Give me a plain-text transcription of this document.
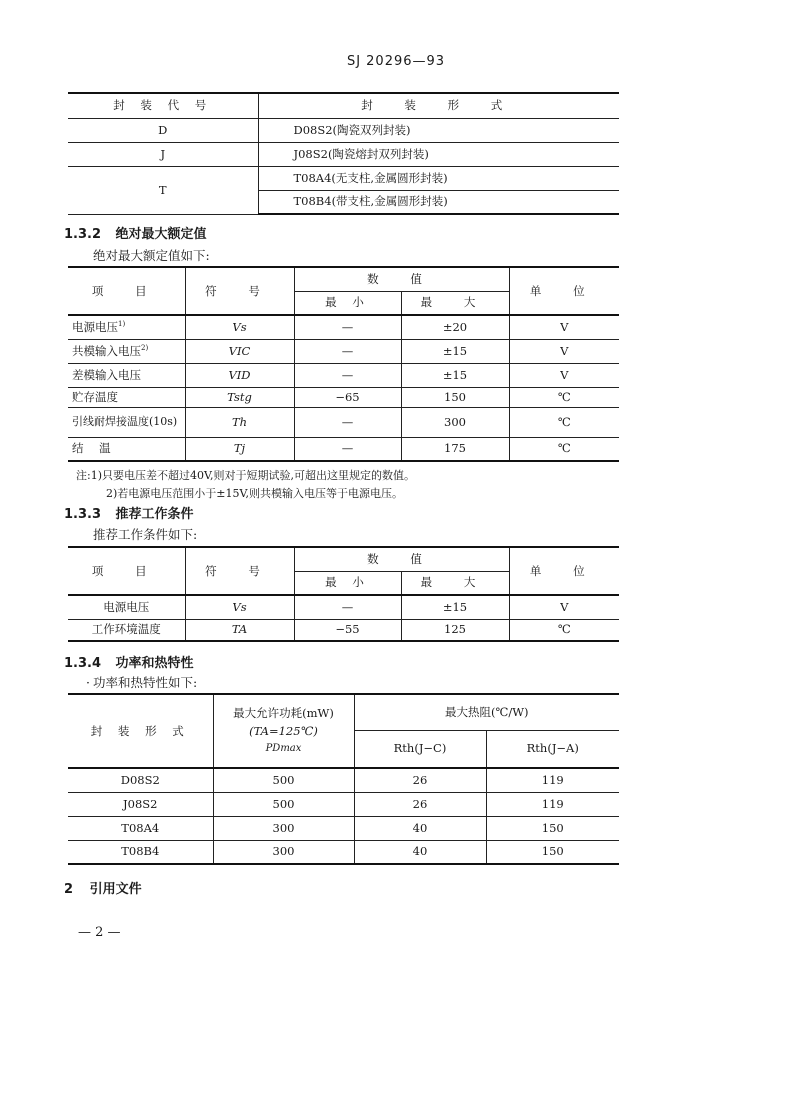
SJ 20296—93
封 装 代 号	封 装 形 式
D	D08S2(陶瓷双列封装)
J	J08S2(陶瓷熔封双列封装)
T	T08A4(无支柱,金属圆形封装)
	T08B4(带支柱,金属圆形封装)
1.3.2 绝对最大额定值
绝对最大额定值如下:
项 目	符 号	数 值		单 位
		最 小	最 大	
电源电压$^{1)}$	Vs	—	±20	V
共模输入电压$^{2)}$	VIC	—	±15	V
差模输入电压	VID	—	±15	V
贮存温度	Tstg	−65	150	℃
引线耐焊接温度(10s)	Th	—	300	℃
结 温	Tj	—	175	℃
注:1)只要电压差不超过40V,则对于短期试验,可超出这里规定的数值。
2)若电源电压范围小于±15V,则共模输入电压等于电源电压。
1.3.3 推荐工作条件
推荐工作条件如下:
项 目	符 号	数 值		单 位
		最 小	最 大	
电源电压	Vs	—	±15	V
工作环境温度	TA	−55	125	℃
1.3.4 功率和热特性
· 功率和热特性如下:
封 装 形 式	最大允许功耗(mW)
(TA=125℃)
PDmax	最大热阻(℃/W)	
		Rth(J−C)	Rth(J−A)
D08S2	500	26	119
J08S2	500	26	119
T08A4	300	40	150
T08B4	300	40	150
2 引用文件
— 2 —
